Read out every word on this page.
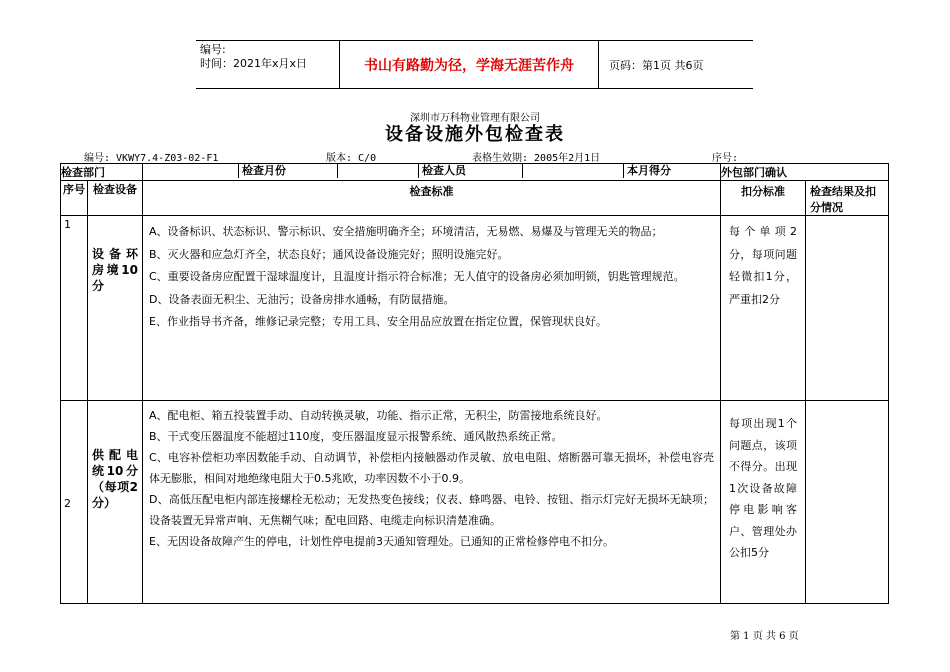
编号:
时间：2021年x月x日	书山有路勤为径，学海无涯苦作舟	页码：第1页 共6页
深圳市万科物业管理有限公司
设备设施外包检查表
编号: VKWY7.4-Z03-02-F1	版本: C/0	表格生效期: 2005年2月1日	序号:
检查部门		检查月份 检查人员 本月得分	外包部门确认	
序号	检查设备	检查标准	扣分标准	检查结果及扣分情况
1	设备环房境10分	A、设备标识、状态标识、警示标识、安全措施明确齐全；环境清洁，无易燃、易爆及与管理无关的物品；

B、灭火器和应急灯齐全，状态良好；通风设备设施完好；照明设施完好。

C、重要设备房应配置干湿球温度计，且温度计指示符合标准；无人值守的设备房必须加明锁，钥匙管理规范。

D、设备表面无积尘、无油污；设备房排水通畅，有防鼠措施。

E、作业指导书齐备，维修记录完整；专用工具、安全用品应放置在指定位置，保管现状良好。	每个单项2分，每项问题轻微扣1分，严重扣2分	
2	供配电统10分（每项2分）	A、配电柜、箱五投装置手动、自动转换灵敏，功能、指示正常，无积尘，防雷接地系统良好。

B、干式变压器温度不能超过110度，变压器温度显示报警系统、通风散热系统正常。

C、电容补偿柜功率因数能手动、自动调节，补偿柜内接触器动作灵敏、放电电阻、熔断器可靠无损坏，补偿电容壳体无膨胀，相间对地绝缘电阻大于0.5兆欧，功率因数不小于0.9。

D、高低压配电柜内部连接螺栓无松动；无发热变色接线；仪表、蜂鸣器、电铃、按钮、指示灯完好无损坏无缺项；设备装置无异常声响、无焦糊气味；配电回路、电缆走向标识清楚准确。

E、无因设备故障产生的停电，计划性停电提前3天通知管理处。已通知的正常检修停电不扣分。	每项出现1个问题点，该项不得分。出现1次设备故障停电影响客户、管理处办公扣5分	
第 1 页 共 6 页
